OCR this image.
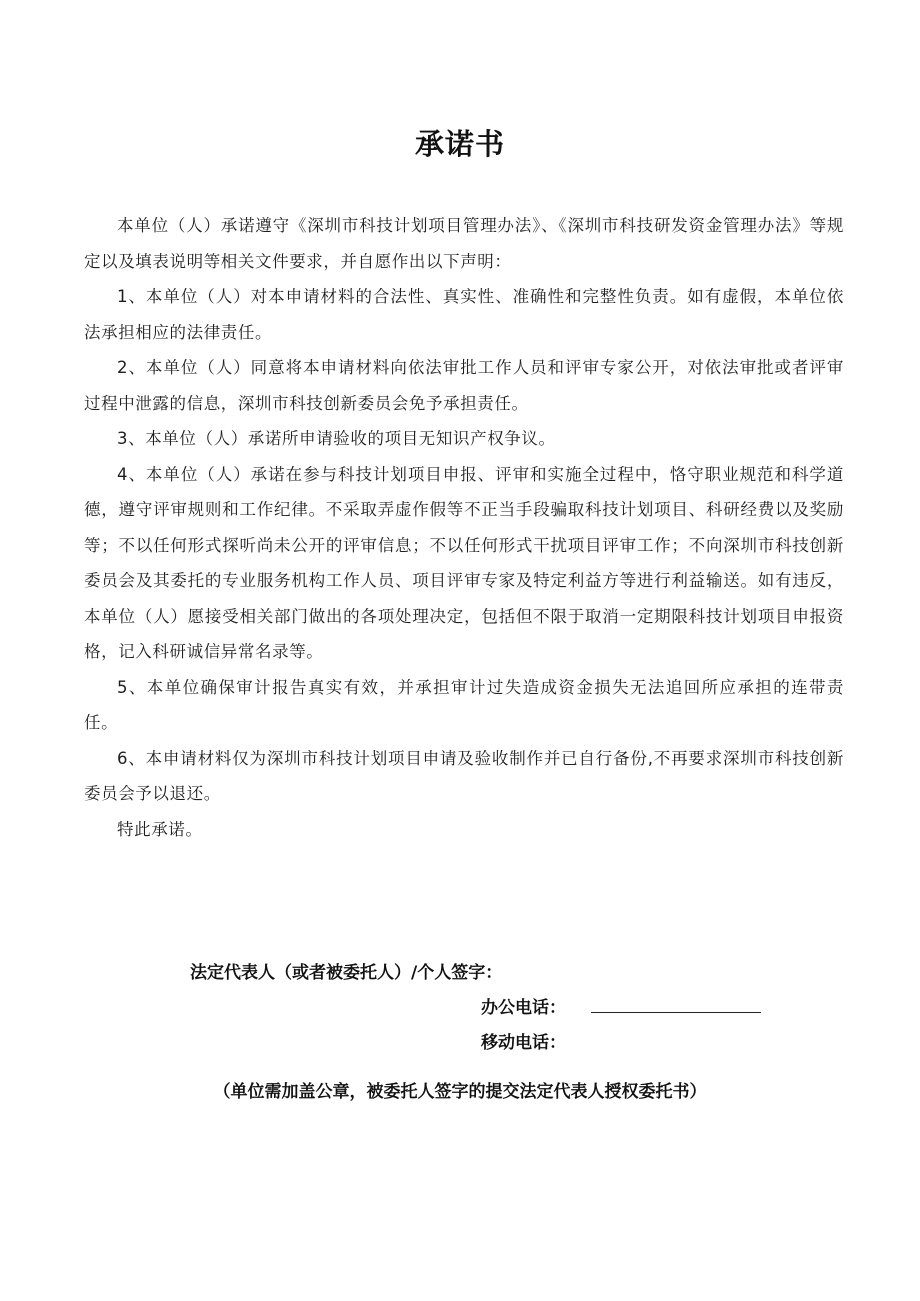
承诺书

本单位（人）承诺遵守《深圳市科技计划项目管理办法》、《深圳市科技研发资金管理办法》等规定以及填表说明等相关文件要求，并自愿作出以下声明：

1、本单位（人）对本申请材料的合法性、真实性、准确性和完整性负责。如有虚假，本单位依法承担相应的法律责任。

2、本单位（人）同意将本申请材料向依法审批工作人员和评审专家公开，对依法审批或者评审过程中泄露的信息，深圳市科技创新委员会免予承担责任。

3、本单位（人）承诺所申请验收的项目无知识产权争议。

4、本单位（人）承诺在参与科技计划项目申报、评审和实施全过程中，恪守职业规范和科学道德，遵守评审规则和工作纪律。不采取弄虚作假等不正当手段骗取科技计划项目、科研经费以及奖励等；不以任何形式探听尚未公开的评审信息；不以任何形式干扰项目评审工作；不向深圳市科技创新委员会及其委托的专业服务机构工作人员、项目评审专家及特定利益方等进行利益输送。如有违反，本单位（人）愿接受相关部门做出的各项处理决定，包括但不限于取消一定期限科技计划项目申报资格，记入科研诚信异常名录等。

5、本单位确保审计报告真实有效，并承担审计过失造成资金损失无法追回所应承担的连带责任。

6、本申请材料仅为深圳市科技计划项目申请及验收制作并已自行备份,不再要求深圳市科技创新委员会予以退还。

特此承诺。

法定代表人（或者被委托人）/个人签字：
办公电话：
移动电话：
（单位需加盖公章，被委托人签字的提交法定代表人授权委托书）
